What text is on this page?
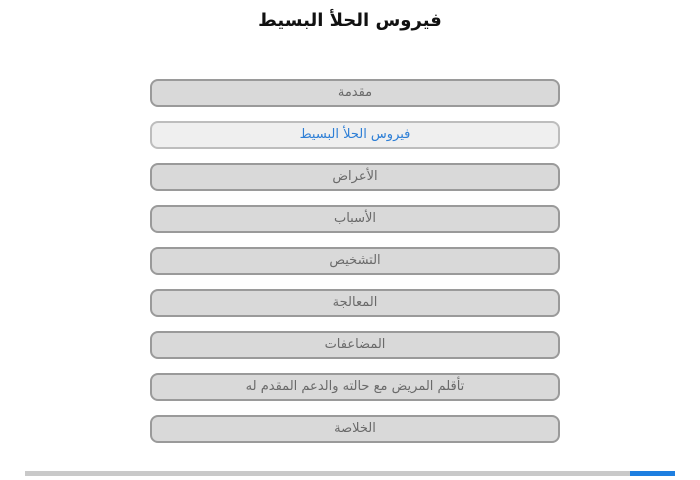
فيروس الحلأ البسيط
مقدمة
فيروس الحلأ البسيط
الأعراض
الأسباب
التشخيص
المعالجة
المضاعفات
تأقلم المريض مع حالته والدعم المقدم له
الخلاصة
